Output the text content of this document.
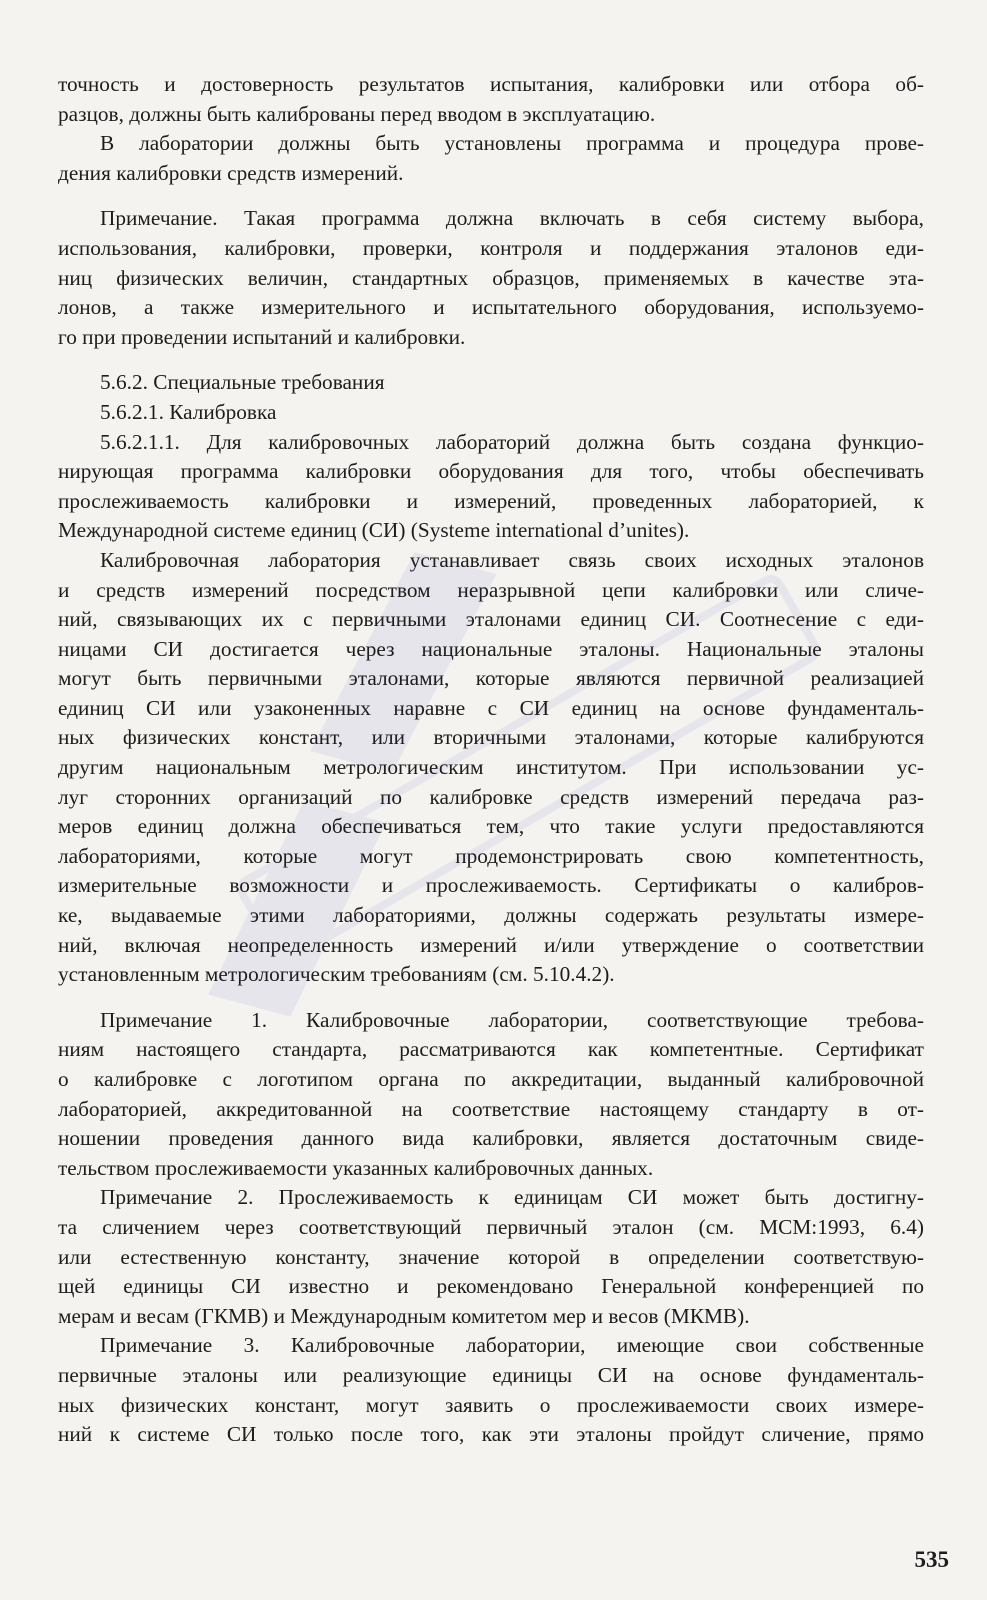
точность и достоверность результатов испытания, калибровки или отбора об-
разцов, должны быть калиброваны перед вводом в эксплуатацию.
В лаборатории должны быть установлены программа и процедура прове-
дения калибровки средств измерений.
Примечание. Такая программа должна включать в себя систему выбора,
использования, калибровки, проверки, контроля и поддержания эталонов еди-
ниц физических величин, стандартных образцов, применяемых в качестве эта-
лонов, а также измерительного и испытательного оборудования, используемо-
го при проведении испытаний и калибровки.
5.6.2. Специальные требования
5.6.2.1. Калибровка
5.6.2.1.1. Для калибровочных лабораторий должна быть создана функцио-
нирующая программа калибровки оборудования для того, чтобы обеспечивать
прослеживаемость калибровки и измерений, проведенных лабораторией, к
Международной системе единиц (СИ) (Systeme international d’unites).
Калибровочная лаборатория устанавливает связь своих исходных эталонов
и средств измерений посредством неразрывной цепи калибровки или сличе-
ний, связывающих их с первичными эталонами единиц СИ. Соотнесение с еди-
ницами СИ достигается через национальные эталоны. Национальные эталоны
могут быть первичными эталонами, которые являются первичной реализацией
единиц СИ или узаконенных наравне с СИ единиц на основе фундаменталь-
ных физических констант, или вторичными эталонами, которые калибруются
другим национальным метрологическим институтом. При использовании ус-
луг сторонних организаций по калибровке средств измерений передача раз-
меров единиц должна обеспечиваться тем, что такие услуги предоставляются
лабораториями, которые могут продемонстрировать свою компетентность,
измерительные возможности и прослеживаемость. Сертификаты о калибров-
ке, выдаваемые этими лабораториями, должны содержать результаты измере-
ний, включая неопределенность измерений и/или утверждение о соответствии
установленным метрологическим требованиям (см. 5.10.4.2).
Примечание 1. Калибровочные лаборатории, соответствующие требова-
ниям настоящего стандарта, рассматриваются как компетентные. Сертификат
о калибровке с логотипом органа по аккредитации, выданный калибровочной
лабораторией, аккредитованной на соответствие настоящему стандарту в от-
ношении проведения данного вида калибровки, является достаточным свиде-
тельством прослеживаемости указанных калибровочных данных.
Примечание 2. Прослеживаемость к единицам СИ может быть достигну-
та сличением через соответствующий первичный эталон (см. МСМ:1993, 6.4)
или естественную константу, значение которой в определении соответствую-
щей единицы СИ известно и рекомендовано Генеральной конференцией по
мерам и весам (ГКМВ) и Международным комитетом мер и весов (МКМВ).
Примечание 3. Калибровочные лаборатории, имеющие свои собственные
первичные эталоны или реализующие единицы СИ на основе фундаменталь-
ных физических констант, могут заявить о прослеживаемости своих измере-
ний к системе СИ только после того, как эти эталоны пройдут сличение, прямо
535
